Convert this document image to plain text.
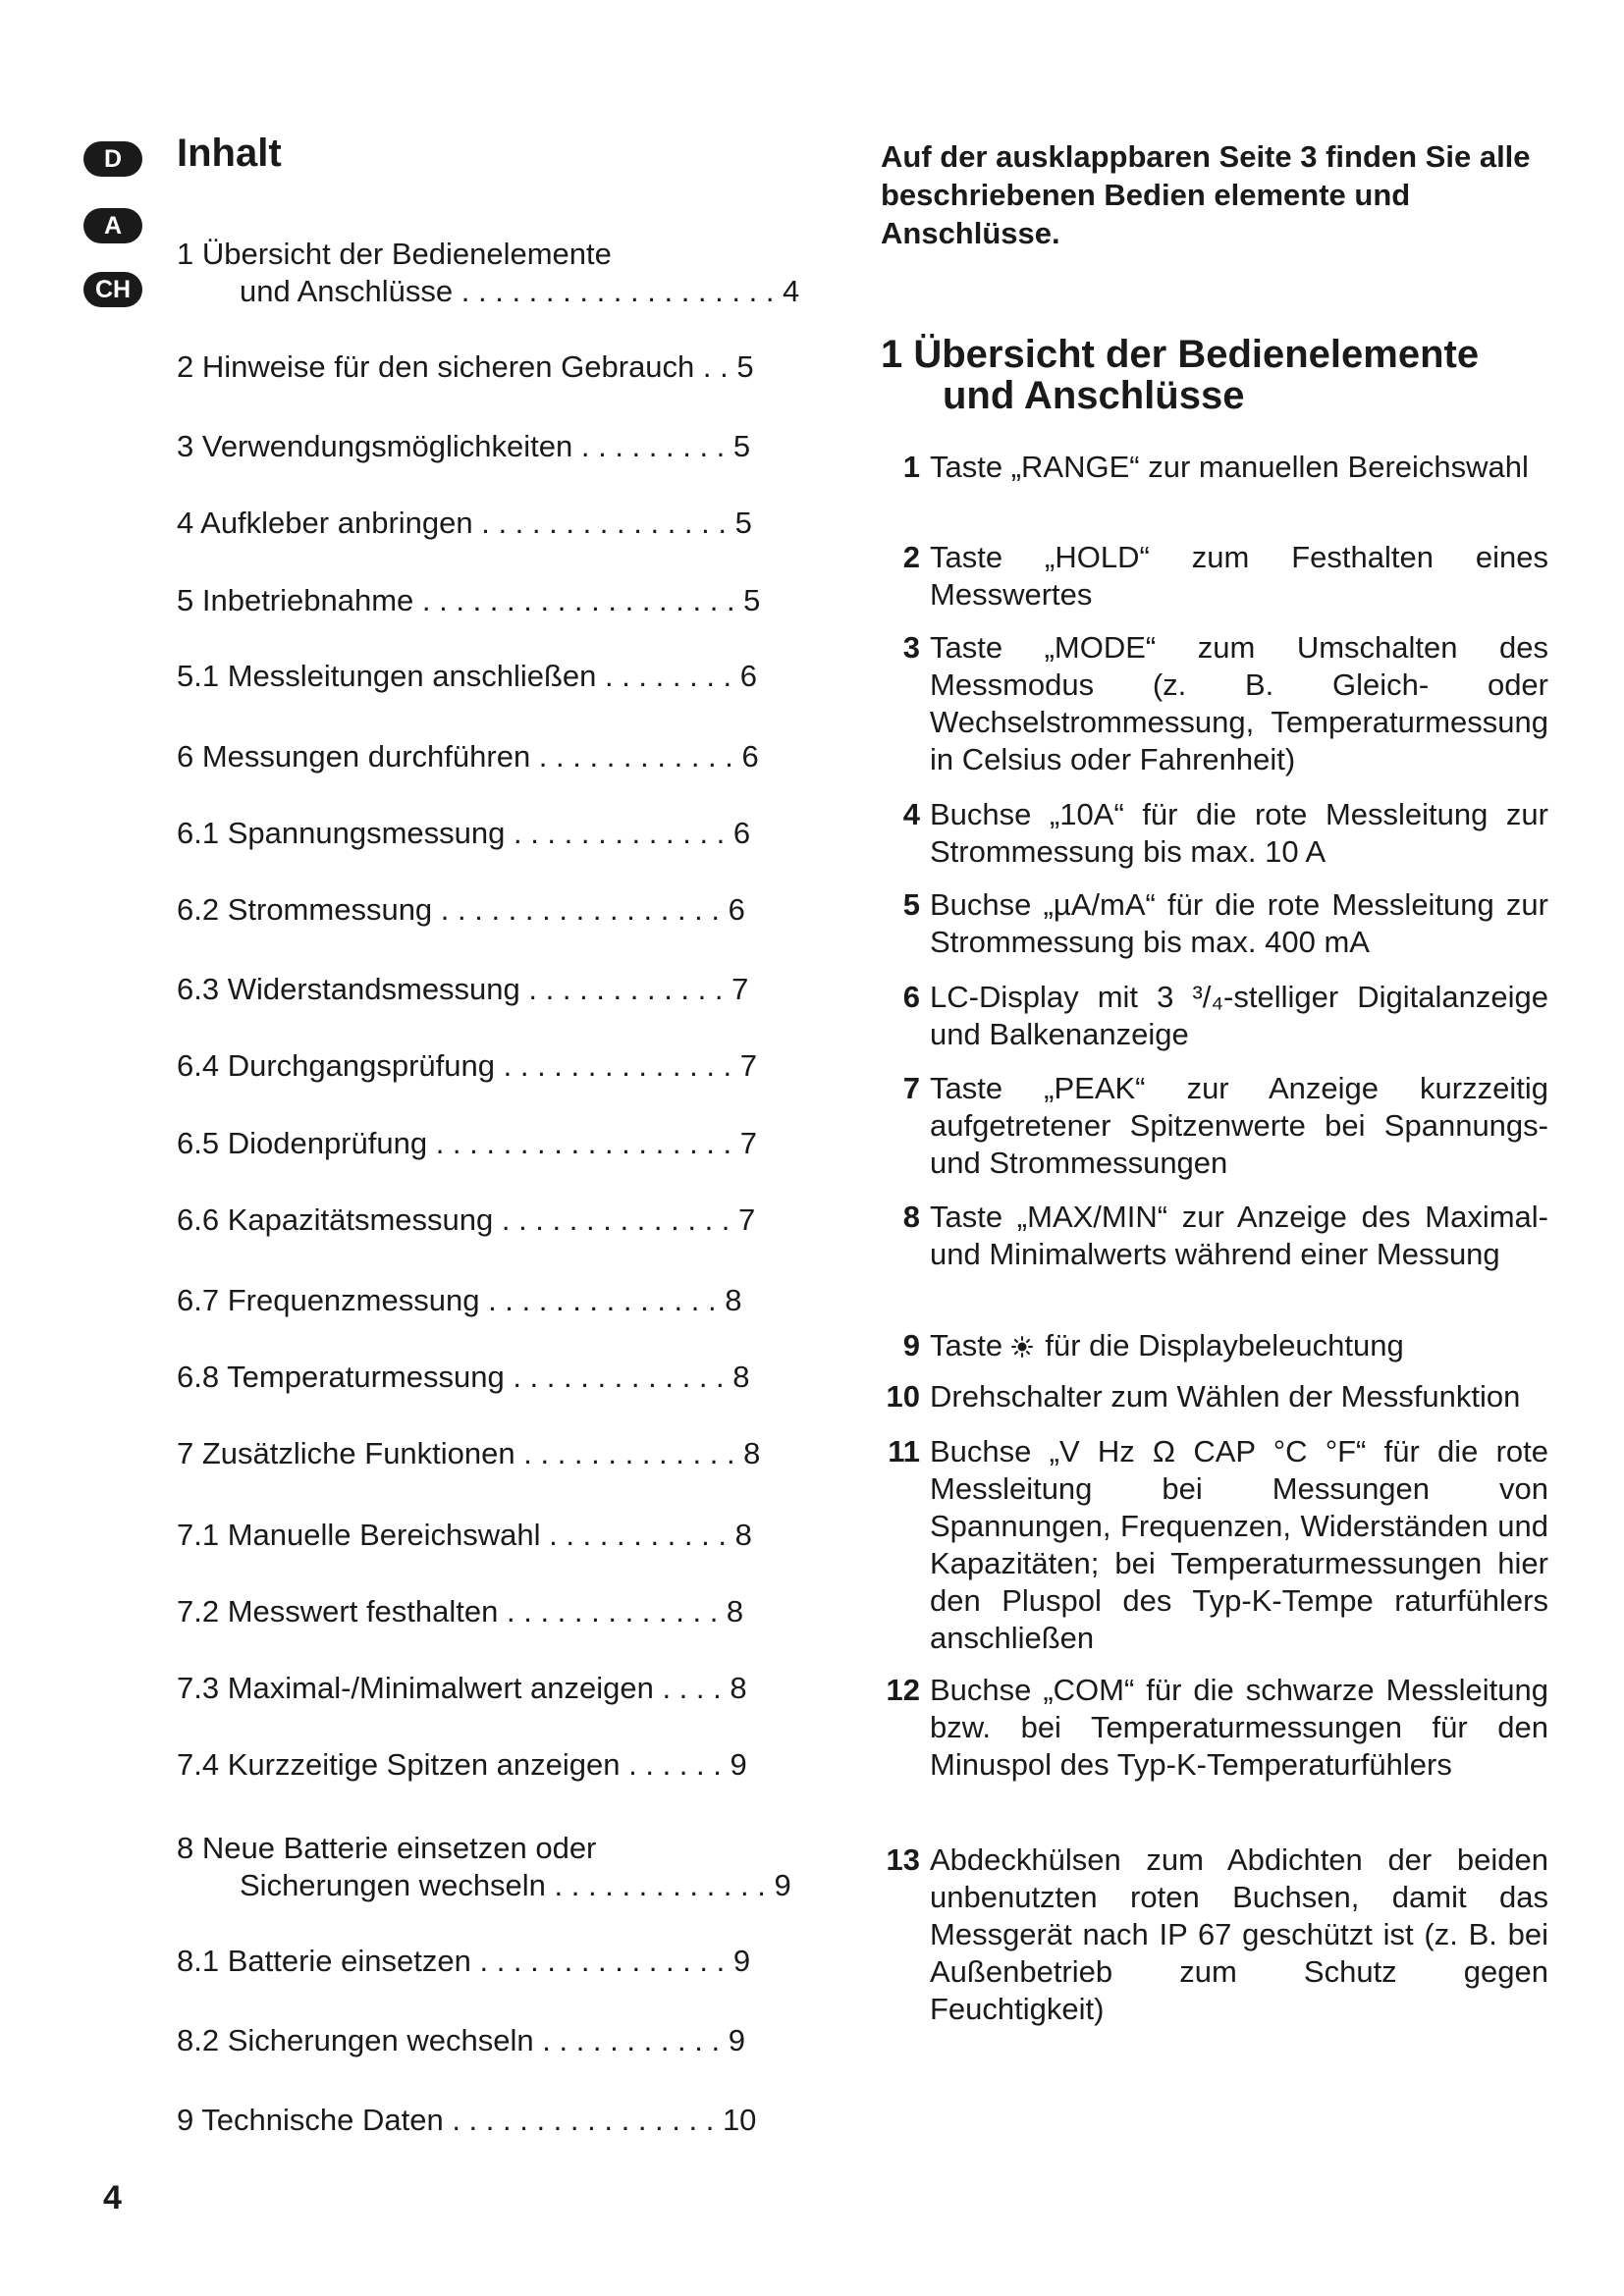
D
A
CH
Inhalt
1 Übersicht der Bedienelemente
und Anschlüsse . . . . . . . . . . . . . . . . . . . 4
2 Hinweise für den sicheren Gebrauch . . 5
3 Verwendungsmöglichkeiten . . . . . . . . . 5
4 Aufkleber anbringen . . . . . . . . . . . . . . . 5
5 Inbetriebnahme . . . . . . . . . . . . . . . . . . . 5
5.1 Messleitungen anschließen . . . . . . . . 6
6 Messungen durchführen . . . . . . . . . . . . 6
6.1 Spannungsmessung . . . . . . . . . . . . . 6
6.2 Strommessung . . . . . . . . . . . . . . . . . 6
6.3 Widerstandsmessung . . . . . . . . . . . . 7
6.4 Durchgangsprüfung . . . . . . . . . . . . . . 7
6.5 Diodenprüfung . . . . . . . . . . . . . . . . . . 7
6.6 Kapazitätsmessung . . . . . . . . . . . . . . 7
6.7 Frequenzmessung . . . . . . . . . . . . . . 8
6.8 Temperaturmessung . . . . . . . . . . . . . 8
7 Zusätzliche Funktionen . . . . . . . . . . . . . 8
7.1 Manuelle Bereichswahl . . . . . . . . . . . 8
7.2 Messwert festhalten . . . . . . . . . . . . . 8
7.3 Maximal-/Minimalwert anzeigen . . . . 8
7.4 Kurzzeitige Spitzen anzeigen . . . . . . 9
8 Neue Batterie einsetzen oder
Sicherungen wechseln . . . . . . . . . . . . . 9
8.1 Batterie einsetzen . . . . . . . . . . . . . . . 9
8.2 Sicherungen wechseln . . . . . . . . . . . 9
9 Technische Daten . . . . . . . . . . . . . . . . 10

Auf der ausklappbaren Seite 3 finden Sie alle beschriebenen Bedien elemente und Anschlüsse.

1 Übersicht der Bedienelemente
und Anschlüsse
1 Taste „RANGE“ zur manuellen Bereichswahl
2 Taste „HOLD“ zum Festhalten eines Messwertes
3 Taste „MODE“ zum Umschalten des Messmodus (z. B. Gleich- oder Wechselstrommessung, Temperaturmessung in Celsius oder Fahrenheit)
4 Buchse „10A“ für die rote Messleitung zur Strommessung bis max. 10 A
5 Buchse „µA/mA“ für die rote Messleitung zur Strommessung bis max. 400 mA
6 LC-Display mit 3 ³/₄-stelliger Digitalanzeige und Balkenanzeige
7 Taste „PEAK“ zur Anzeige kurzzeitig aufgetretener Spitzenwerte bei Spannungs- und Strommessungen
8 Taste „MAX/MIN“ zur Anzeige des Maximal- und Minimalwerts während einer Messung
9 Taste für die Displaybeleuchtung
10 Drehschalter zum Wählen der Messfunktion
11 Buchse „V Hz Ω CAP °C °F“ für die rote Messleitung bei Messungen von Spannungen, Frequenzen, Widerständen und Kapazitäten; bei Temperaturmessungen hier den Pluspol des Typ-K-Tempe raturfühlers anschließen
12 Buchse „COM“ für die schwarze Messleitung bzw. bei Temperaturmessungen für den Minuspol des Typ-K-Temperaturfühlers
13 Abdeckhülsen zum Abdichten der beiden unbenutzten roten Buchsen, damit das Messgerät nach IP 67 geschützt ist (z. B. bei Außenbetrieb zum Schutz gegen Feuchtigkeit)

4
